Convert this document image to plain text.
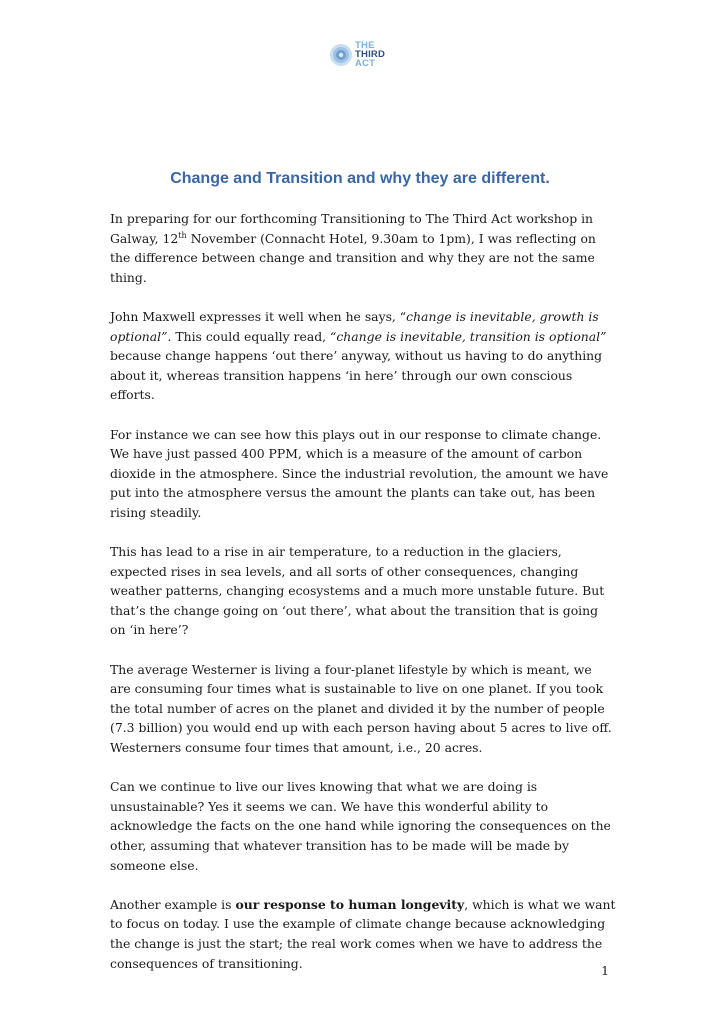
THE
THIRD
ACT
Change and Transition and why they are different.

In preparing for our forthcoming Transitioning to The Third Act workshop in Galway, 12th November (Connacht Hotel, 9.30am to 1pm), I was reflecting on the difference between change and transition and why they are not the same thing.

John Maxwell expresses it well when he says, “change is inevitable, growth is optional”. This could equally read, “change is inevitable, transition is optional” because change happens ‘out there’ anyway, without us having to do anything about it, whereas transition happens ‘in here’ through our own conscious efforts.

For instance we can see how this plays out in our response to climate change. We have just passed 400 PPM, which is a measure of the amount of carbon dioxide in the atmosphere. Since the industrial revolution, the amount we have put into the atmosphere versus the amount the plants can take out, has been rising steadily.

This has lead to a rise in air temperature, to a reduction in the glaciers, expected rises in sea levels, and all sorts of other consequences, changing weather patterns, changing ecosystems and a much more unstable future. But that’s the change going on ‘out there’, what about the transition that is going on ‘in here’?

The average Westerner is living a four-planet lifestyle by which is meant, we are consuming four times what is sustainable to live on one planet. If you took the total number of acres on the planet and divided it by the number of people (7.3 billion) you would end up with each person having about 5 acres to live off. Westerners consume four times that amount, i.e., 20 acres.

Can we continue to live our lives knowing that what we are doing is unsustainable? Yes it seems we can. We have this wonderful ability to acknowledge the facts on the one hand while ignoring the consequences on the other, assuming that whatever transition has to be made will be made by someone else.

Another example is our response to human longevity, which is what we want to focus on today. I use the example of climate change because acknowledging the change is just the start; the real work comes when we have to address the consequences of transitioning.	1
